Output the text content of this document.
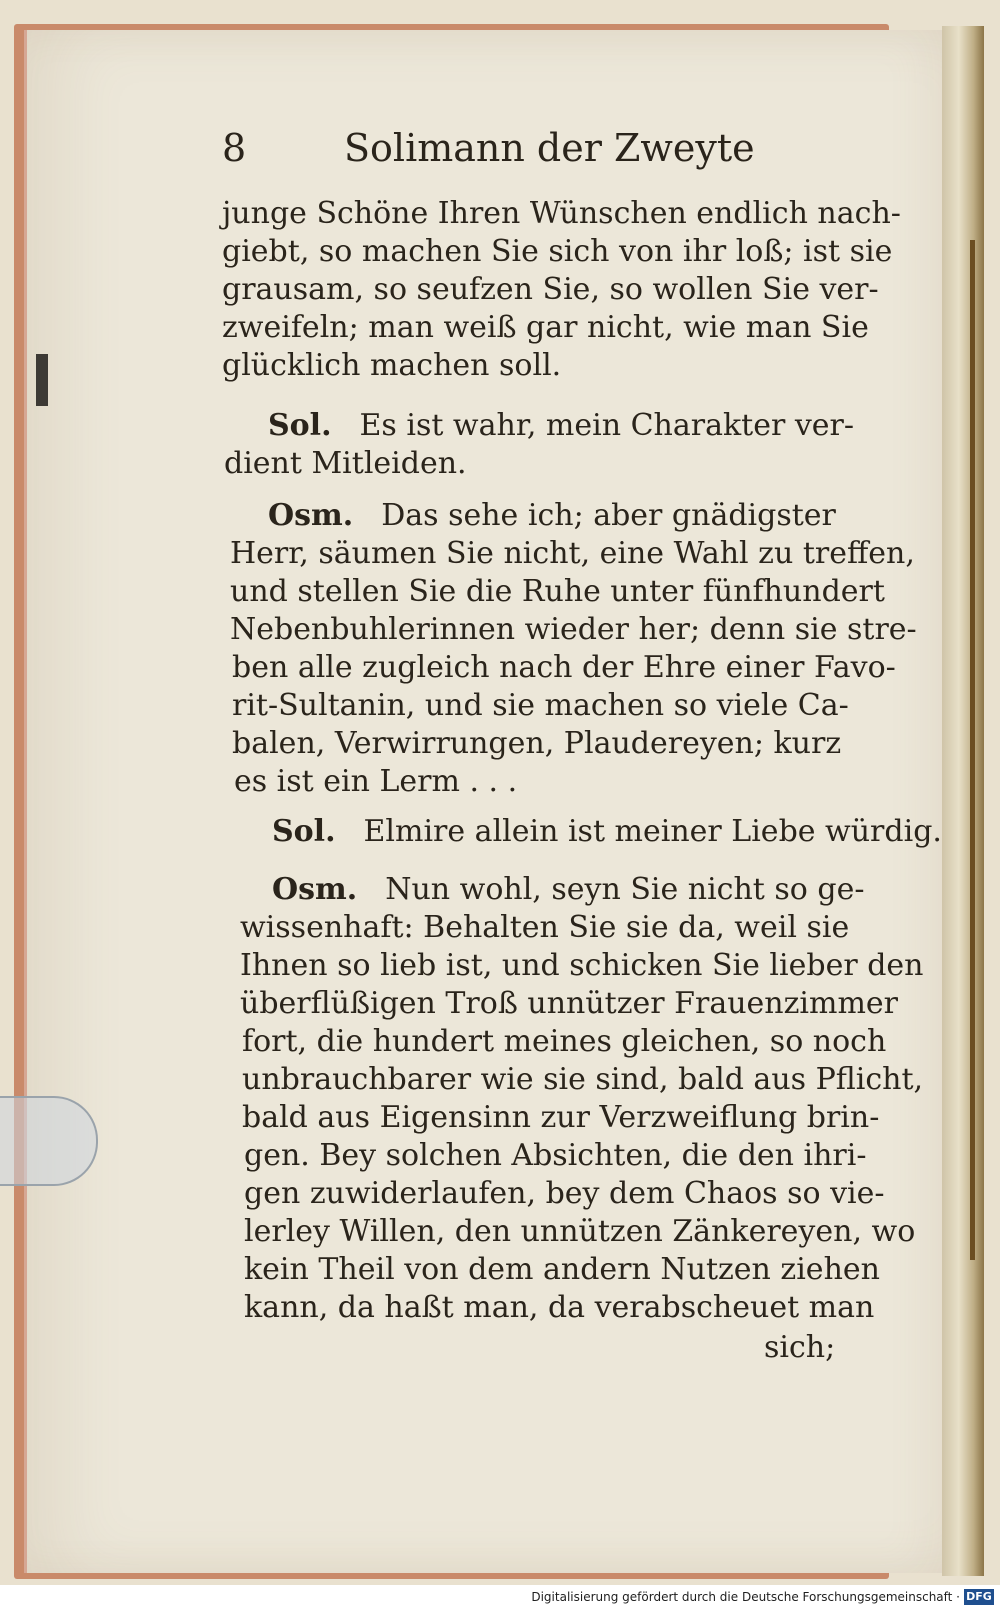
8	Solimann der Zweyte
junge Schöne Ihren Wünschen endlich nach-
giebt, so machen Sie sich von ihr loß; ist sie
grausam, so seufzen Sie, so wollen Sie ver-
zweifeln; man weiß gar nicht, wie man Sie
glücklich machen soll.
Sol. Es ist wahr, mein Charakter ver-
dient Mitleiden.
Osm. Das sehe ich; aber gnädigster
Herr, säumen Sie nicht, eine Wahl zu treffen,
und stellen Sie die Ruhe unter fünfhundert
Nebenbuhlerinnen wieder her; denn sie stre-
ben alle zugleich nach der Ehre einer Favo-
rit-Sultanin, und sie machen so viele Ca-
balen, Verwirrungen, Plaudereyen; kurz
es ist ein Lerm . . .
Sol. Elmire allein ist meiner Liebe würdig.
Osm. Nun wohl, seyn Sie nicht so ge-
wissenhaft: Behalten Sie sie da, weil sie
Ihnen so lieb ist, und schicken Sie lieber den
überflüßigen Troß unnützer Frauenzimmer
fort, die hundert meines gleichen, so noch
unbrauchbarer wie sie sind, bald aus Pflicht,
bald aus Eigensinn zur Verzweiflung brin-
gen. Bey solchen Absichten, die den ihri-
gen zuwiderlaufen, bey dem Chaos so vie-
lerley Willen, den unnützen Zänkereyen, wo
kein Theil von dem andern Nutzen ziehen
kann, da haßt man, da verabscheuet man
sich;
Digitalisierung gefördert durch die Deutsche Forschungsgemeinschaft · DFG
